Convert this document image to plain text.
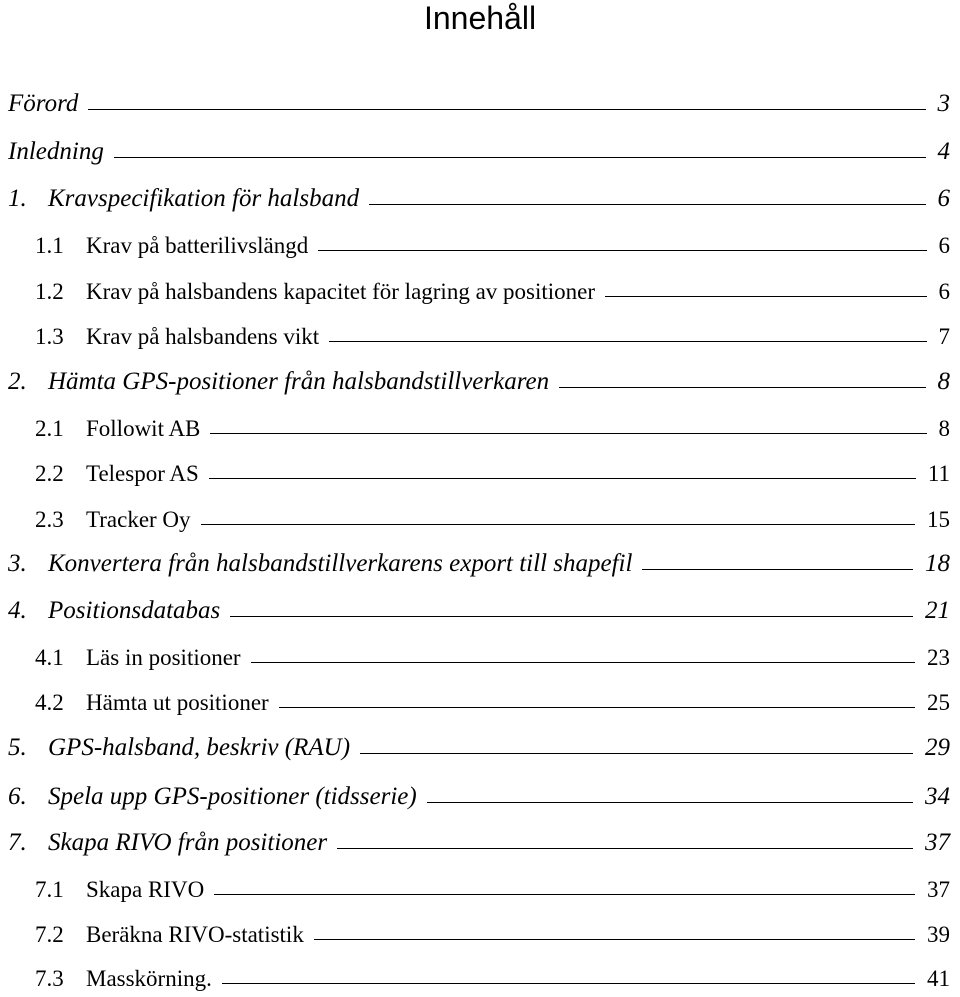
Innehåll
Förord	3
Inledning	4
1. Kravspecifikation för halsband	6
1.1 Krav på batterilivslängd	6
1.2 Krav på halsbandens kapacitet för lagring av positioner	6
1.3 Krav på halsbandens vikt	7
2. Hämta GPS-positioner från halsbandstillverkaren	8
2.1 Followit AB	8
2.2 Telespor AS	11
2.3 Tracker Oy	15
3. Konvertera från halsbandstillverkarens export till shapefil	18
4. Positionsdatabas	21
4.1 Läs in positioner	23
4.2 Hämta ut positioner	25
5. GPS-halsband, beskriv (RAU)	29
6. Spela upp GPS-positioner (tidsserie)	34
7. Skapa RIVO från positioner	37
7.1 Skapa RIVO	37
7.2 Beräkna RIVO-statistik	39
7.3 Masskörning.	41
